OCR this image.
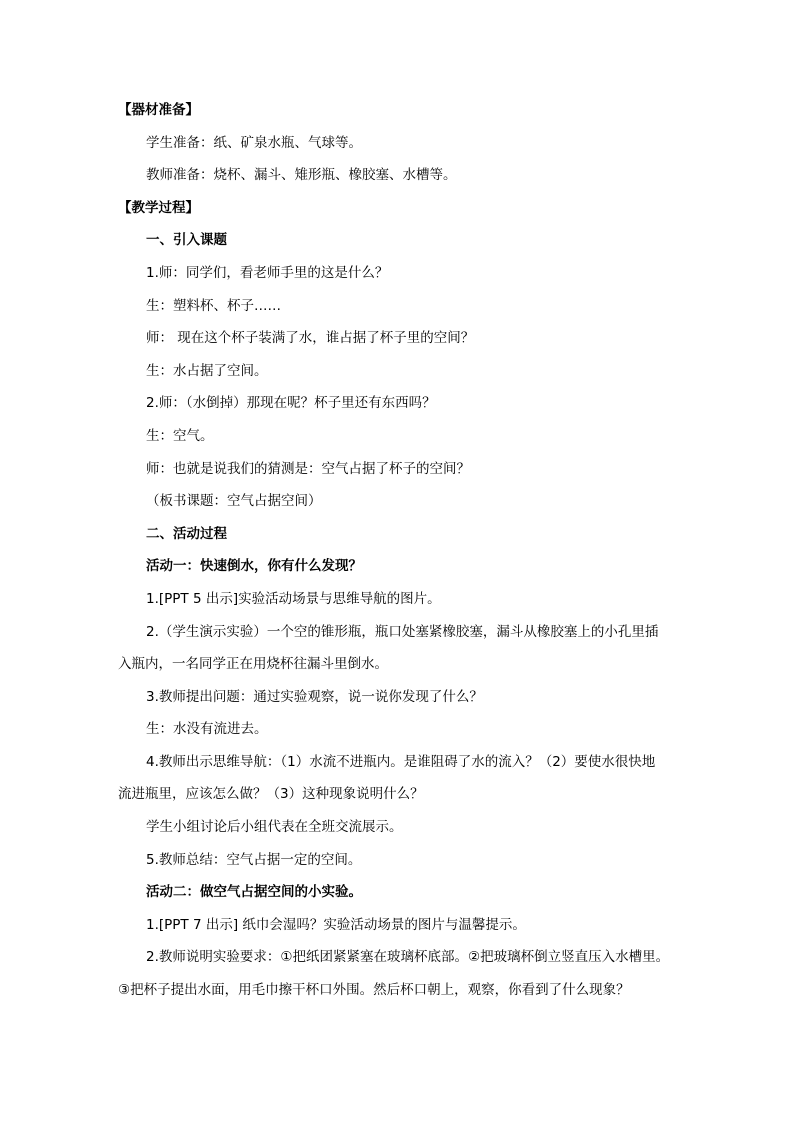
【器材准备】
学生准备：纸、矿泉水瓶、气球等。
教师准备：烧杯、漏斗、雉形瓶、橡胶塞、水槽等。
【教学过程】
一、引入课题
1.师：同学们，看老师手里的这是什么？
生：塑料杯、杯子……
师： 现在这个杯子装满了水，谁占据了杯子里的空间？
生：水占据了空间。
2.师：（水倒掉）那现在呢？杯子里还有东西吗？
生：空气。
师：也就是说我们的猜测是：空气占据了杯子的空间？
（板书课题：空气占据空间）
二、活动过程
活动一：快速倒水，你有什么发现？
1.[PPT 5 出示]实验活动场景与思维导航的图片。
2.（学生演示实验）一个空的锥形瓶，瓶口处塞紧橡胶塞，漏斗从橡胶塞上的小孔里插
入瓶内，一名同学正在用烧杯往漏斗里倒水。
3.教师提出问题：通过实验观察，说一说你发现了什么？
生：水没有流进去。
4.教师出示思维导航：（1）水流不进瓶内。是谁阻碍了水的流入？（2）要使水很快地
流进瓶里，应该怎么做？（3）这种现象说明什么？
学生小组讨论后小组代表在全班交流展示。
5.教师总结：空气占据一定的空间。
活动二：做空气占据空间的小实验。
1.[PPT 7 出示] 纸巾会湿吗？实验活动场景的图片与温馨提示。
2.教师说明实验要求：①把纸团紧紧塞在玻璃杯底部。②把玻璃杯倒立竖直压入水槽里。
③把杯子提出水面，用毛巾擦干杯口外围。然后杯口朝上，观察，你看到了什么现象？
